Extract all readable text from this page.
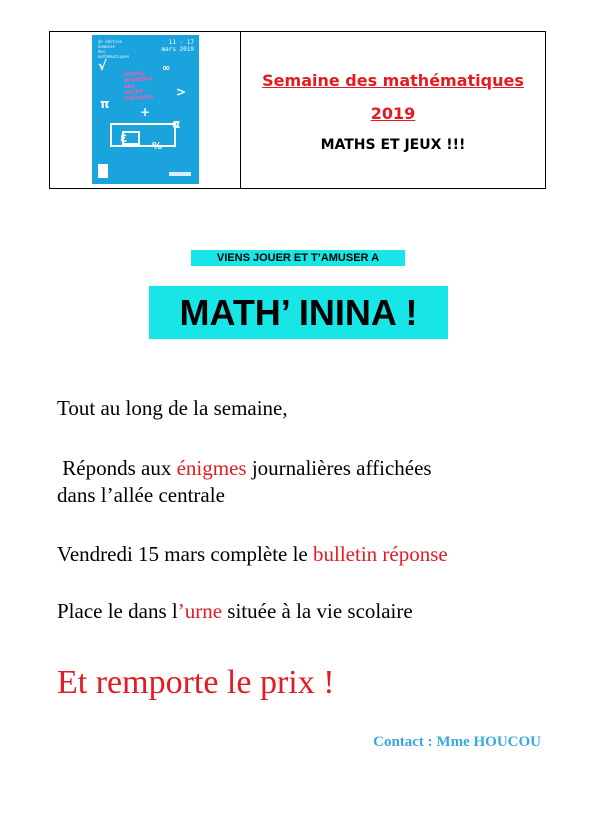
4e édition
Semaine
des mathématiques
11 - 17
mars 2019
Jouons
ensemble
aux
mathé-
matiques
√	∞
>
π
+
α
ε
%
Semaine des mathématiques
2019
MATHS ET JEUX !!!
VIENS JOUER ET T’AMUSER A
MATH’ ININA !
Tout au long de la semaine,
Réponds aux énigmes journalières affichées
dans l’allée centrale
Vendredi 15 mars complète le bulletin réponse
Place le dans l’urne située à la vie scolaire
Et remporte le prix !
Contact : Mme HOUCOU
